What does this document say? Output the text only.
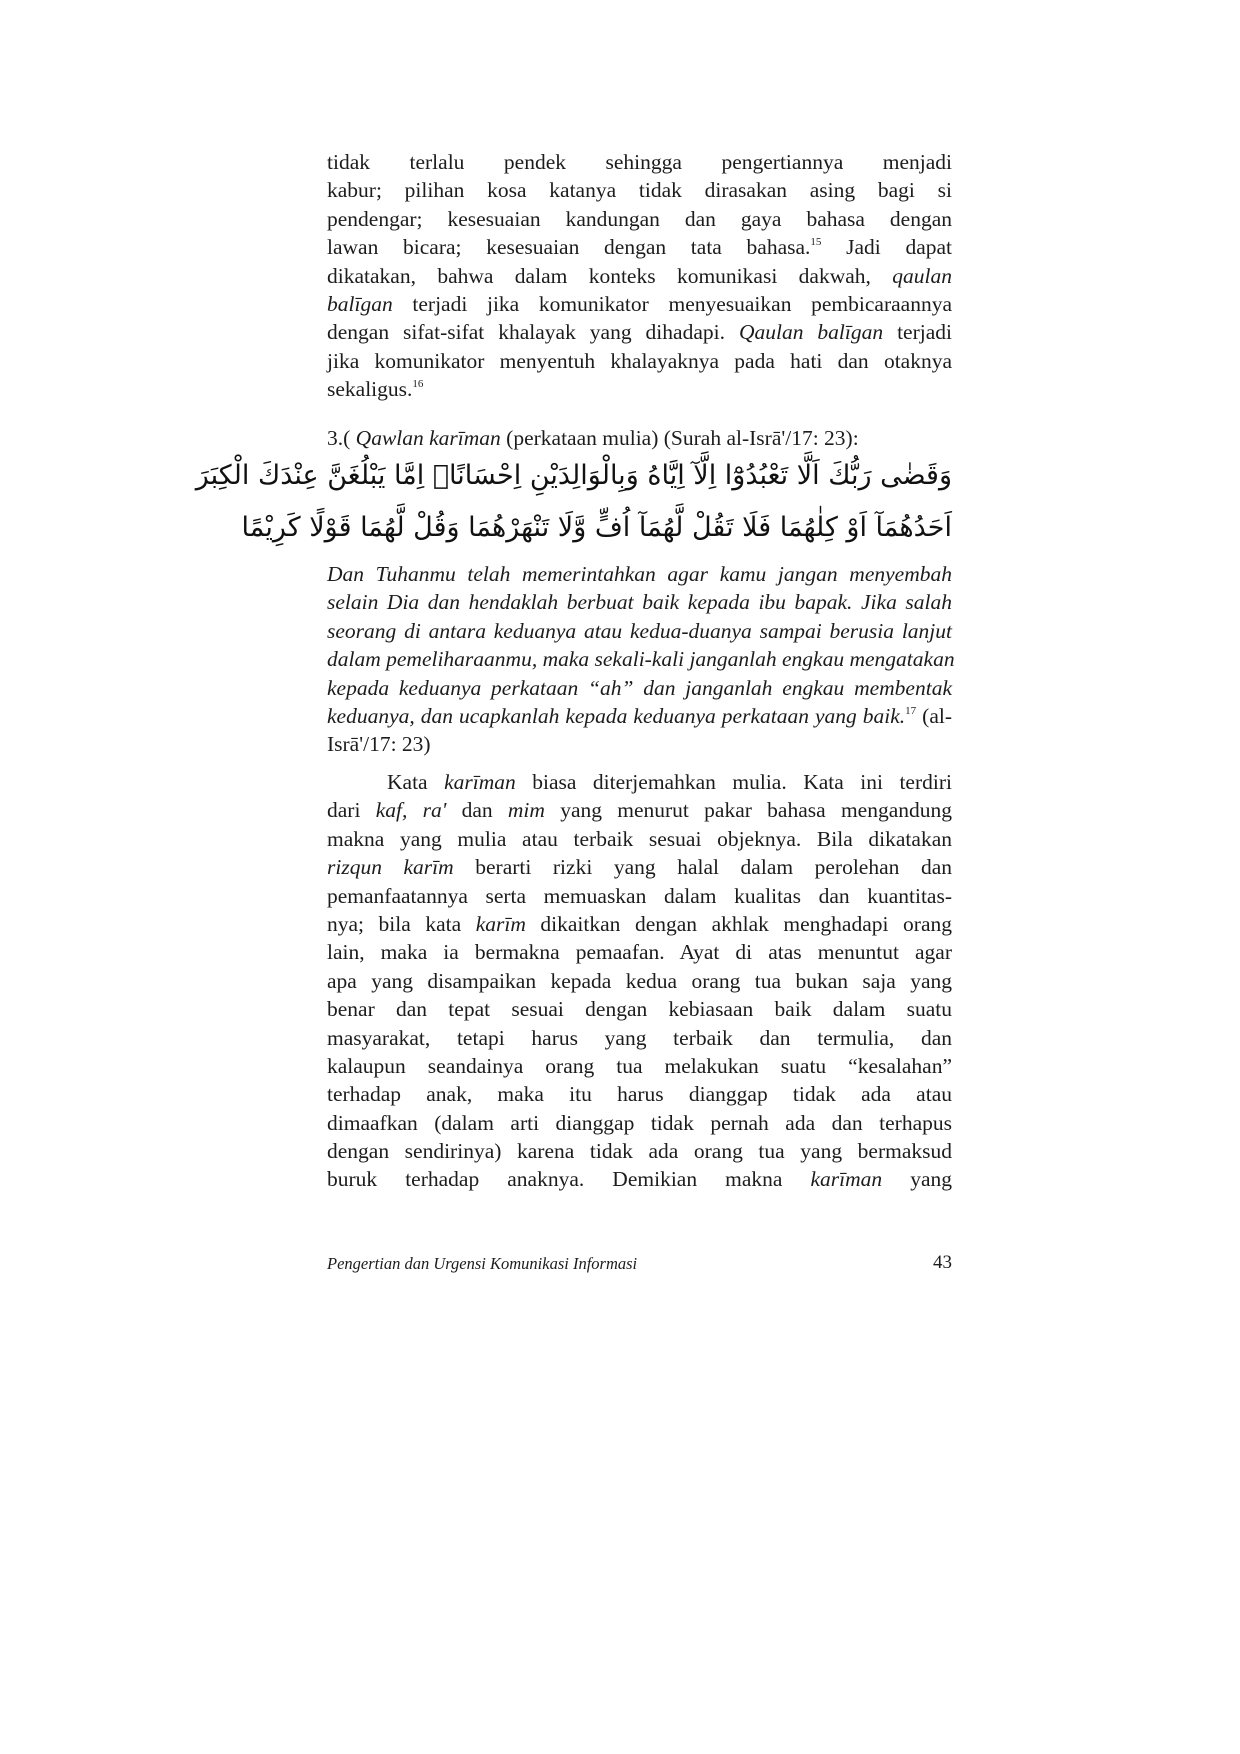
tidak terlalu pendek sehingga pengertiannya menjadi
kabur; pilihan kosa katanya tidak dirasakan asing bagi si
pendengar; kesesuaian kandungan dan gaya bahasa dengan
lawan bicara; kesesuaian dengan tata bahasa.$^{15}$ Jadi dapat
dikatakan, bahwa dalam konteks komunikasi dakwah, qaulan
balīgan terjadi jika komunikator menyesuaikan pembicaraannya
dengan sifat-sifat khalayak yang dihadapi. Qaulan balīgan terjadi
jika komunikator menyentuh khalayaknya pada hati dan otaknya
sekaligus.$^{16}$
3.( Qawlan karīman (perkataan mulia) (Surah al-Isrā'/17: 23):
وَقَضٰى رَبُّكَ اَلَّا تَعْبُدُوْٓا اِلَّآ اِيَّاهُ وَبِالْوَالِدَيْنِ اِحْسَانًاۗ اِمَّا يَبْلُغَنَّ عِنْدَكَ الْكِبَرَ
اَحَدُهُمَآ اَوْ كِلٰهُمَا فَلَا تَقُلْ لَّهُمَآ اُفٍّ وَّلَا تَنْهَرْهُمَا وَقُلْ لَّهُمَا قَوْلًا كَرِيْمًا
Dan Tuhanmu telah memerintahkan agar kamu jangan menyembah
selain Dia dan hendaklah berbuat baik kepada ibu bapak. Jika salah
seorang di antara keduanya atau kedua-duanya sampai berusia lanjut
dalam pemeliharaanmu, maka sekali-kali janganlah engkau mengatakan
kepada keduanya perkataan “ah” dan janganlah engkau membentak
keduanya, dan ucapkanlah kepada keduanya perkataan yang baik.$^{17}$ (al-
Isrā'/17: 23)
Kata karīman biasa diterjemahkan mulia. Kata ini terdiri
dari kaf, ra' dan mim yang menurut pakar bahasa mengandung
makna yang mulia atau terbaik sesuai objeknya. Bila dikatakan
rizqun karīm berarti rizki yang halal dalam perolehan dan
pemanfaatannya serta memuaskan dalam kualitas dan kuantitas-
nya; bila kata karīm dikaitkan dengan akhlak menghadapi orang
lain, maka ia bermakna pemaafan. Ayat di atas menuntut agar
apa yang disampaikan kepada kedua orang tua bukan saja yang
benar dan tepat sesuai dengan kebiasaan baik dalam suatu
masyarakat, tetapi harus yang terbaik dan termulia, dan
kalaupun seandainya orang tua melakukan suatu “kesalahan”
terhadap anak, maka itu harus dianggap tidak ada atau
dimaafkan (dalam arti dianggap tidak pernah ada dan terhapus
dengan sendirinya) karena tidak ada orang tua yang bermaksud
buruk terhadap anaknya. Demikian makna karīman yang
Pengertian dan Urgensi Komunikasi Informasi	43
